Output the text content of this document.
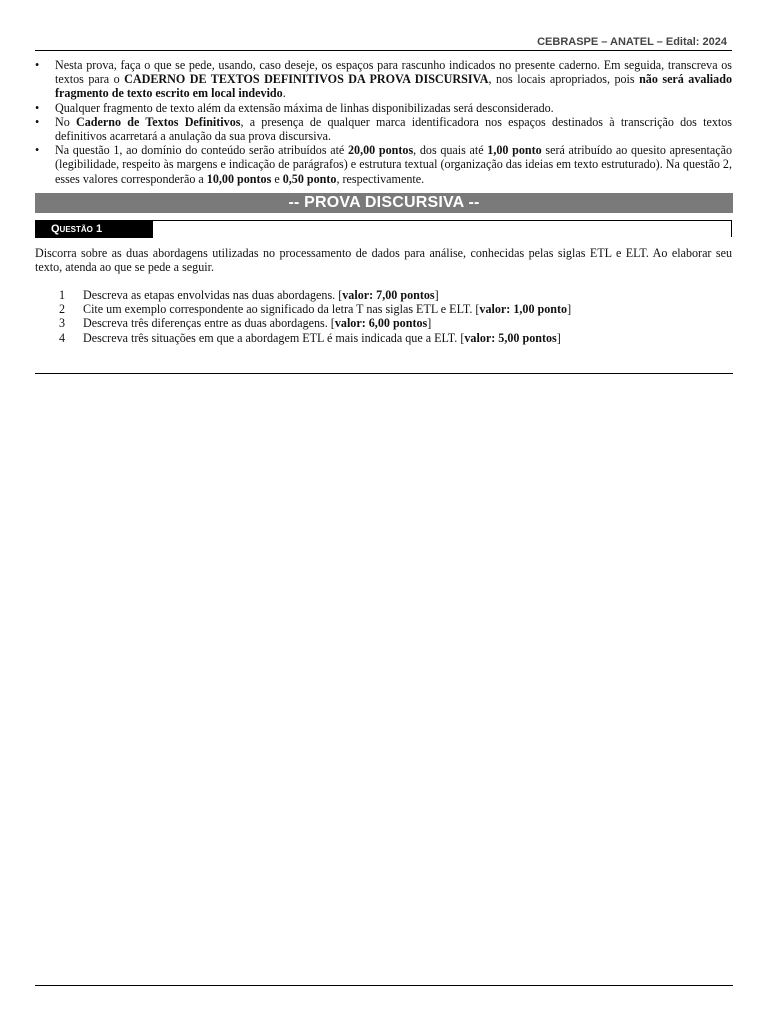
CEBRASPE – ANATEL – Edital: 2024
• Nesta prova, faça o que se pede, usando, caso deseje, os espaços para rascunho indicados no presente caderno. Em seguida, transcreva os textos para o CADERNO DE TEXTOS DEFINITIVOS DA PROVA DISCURSIVA, nos locais apropriados, pois não será avaliado fragmento de texto escrito em local indevido.
• Qualquer fragmento de texto além da extensão máxima de linhas disponibilizadas será desconsiderado.
• No Caderno de Textos Definitivos, a presença de qualquer marca identificadora nos espaços destinados à transcrição dos textos definitivos acarretará a anulação da sua prova discursiva.
• Na questão 1, ao domínio do conteúdo serão atribuídos até 20,00 pontos, dos quais até 1,00 ponto será atribuído ao quesito apresentação (legibilidade, respeito às margens e indicação de parágrafos) e estrutura textual (organização das ideias em texto estruturado). Na questão 2, esses valores corresponderão a 10,00 pontos e 0,50 ponto, respectivamente.
-- PROVA DISCURSIVA --
Questão 1

Discorra sobre as duas abordagens utilizadas no processamento de dados para análise, conhecidas pelas siglas ETL e ELT. Ao elaborar seu texto, atenda ao que se pede a seguir.

1 Descreva as etapas envolvidas nas duas abordagens. [valor: 7,00 pontos]
2 Cite um exemplo correspondente ao significado da letra T nas siglas ETL e ELT. [valor: 1,00 ponto]
3 Descreva três diferenças entre as duas abordagens. [valor: 6,00 pontos]
4 Descreva três situações em que a abordagem ETL é mais indicada que a ELT. [valor: 5,00 pontos]
